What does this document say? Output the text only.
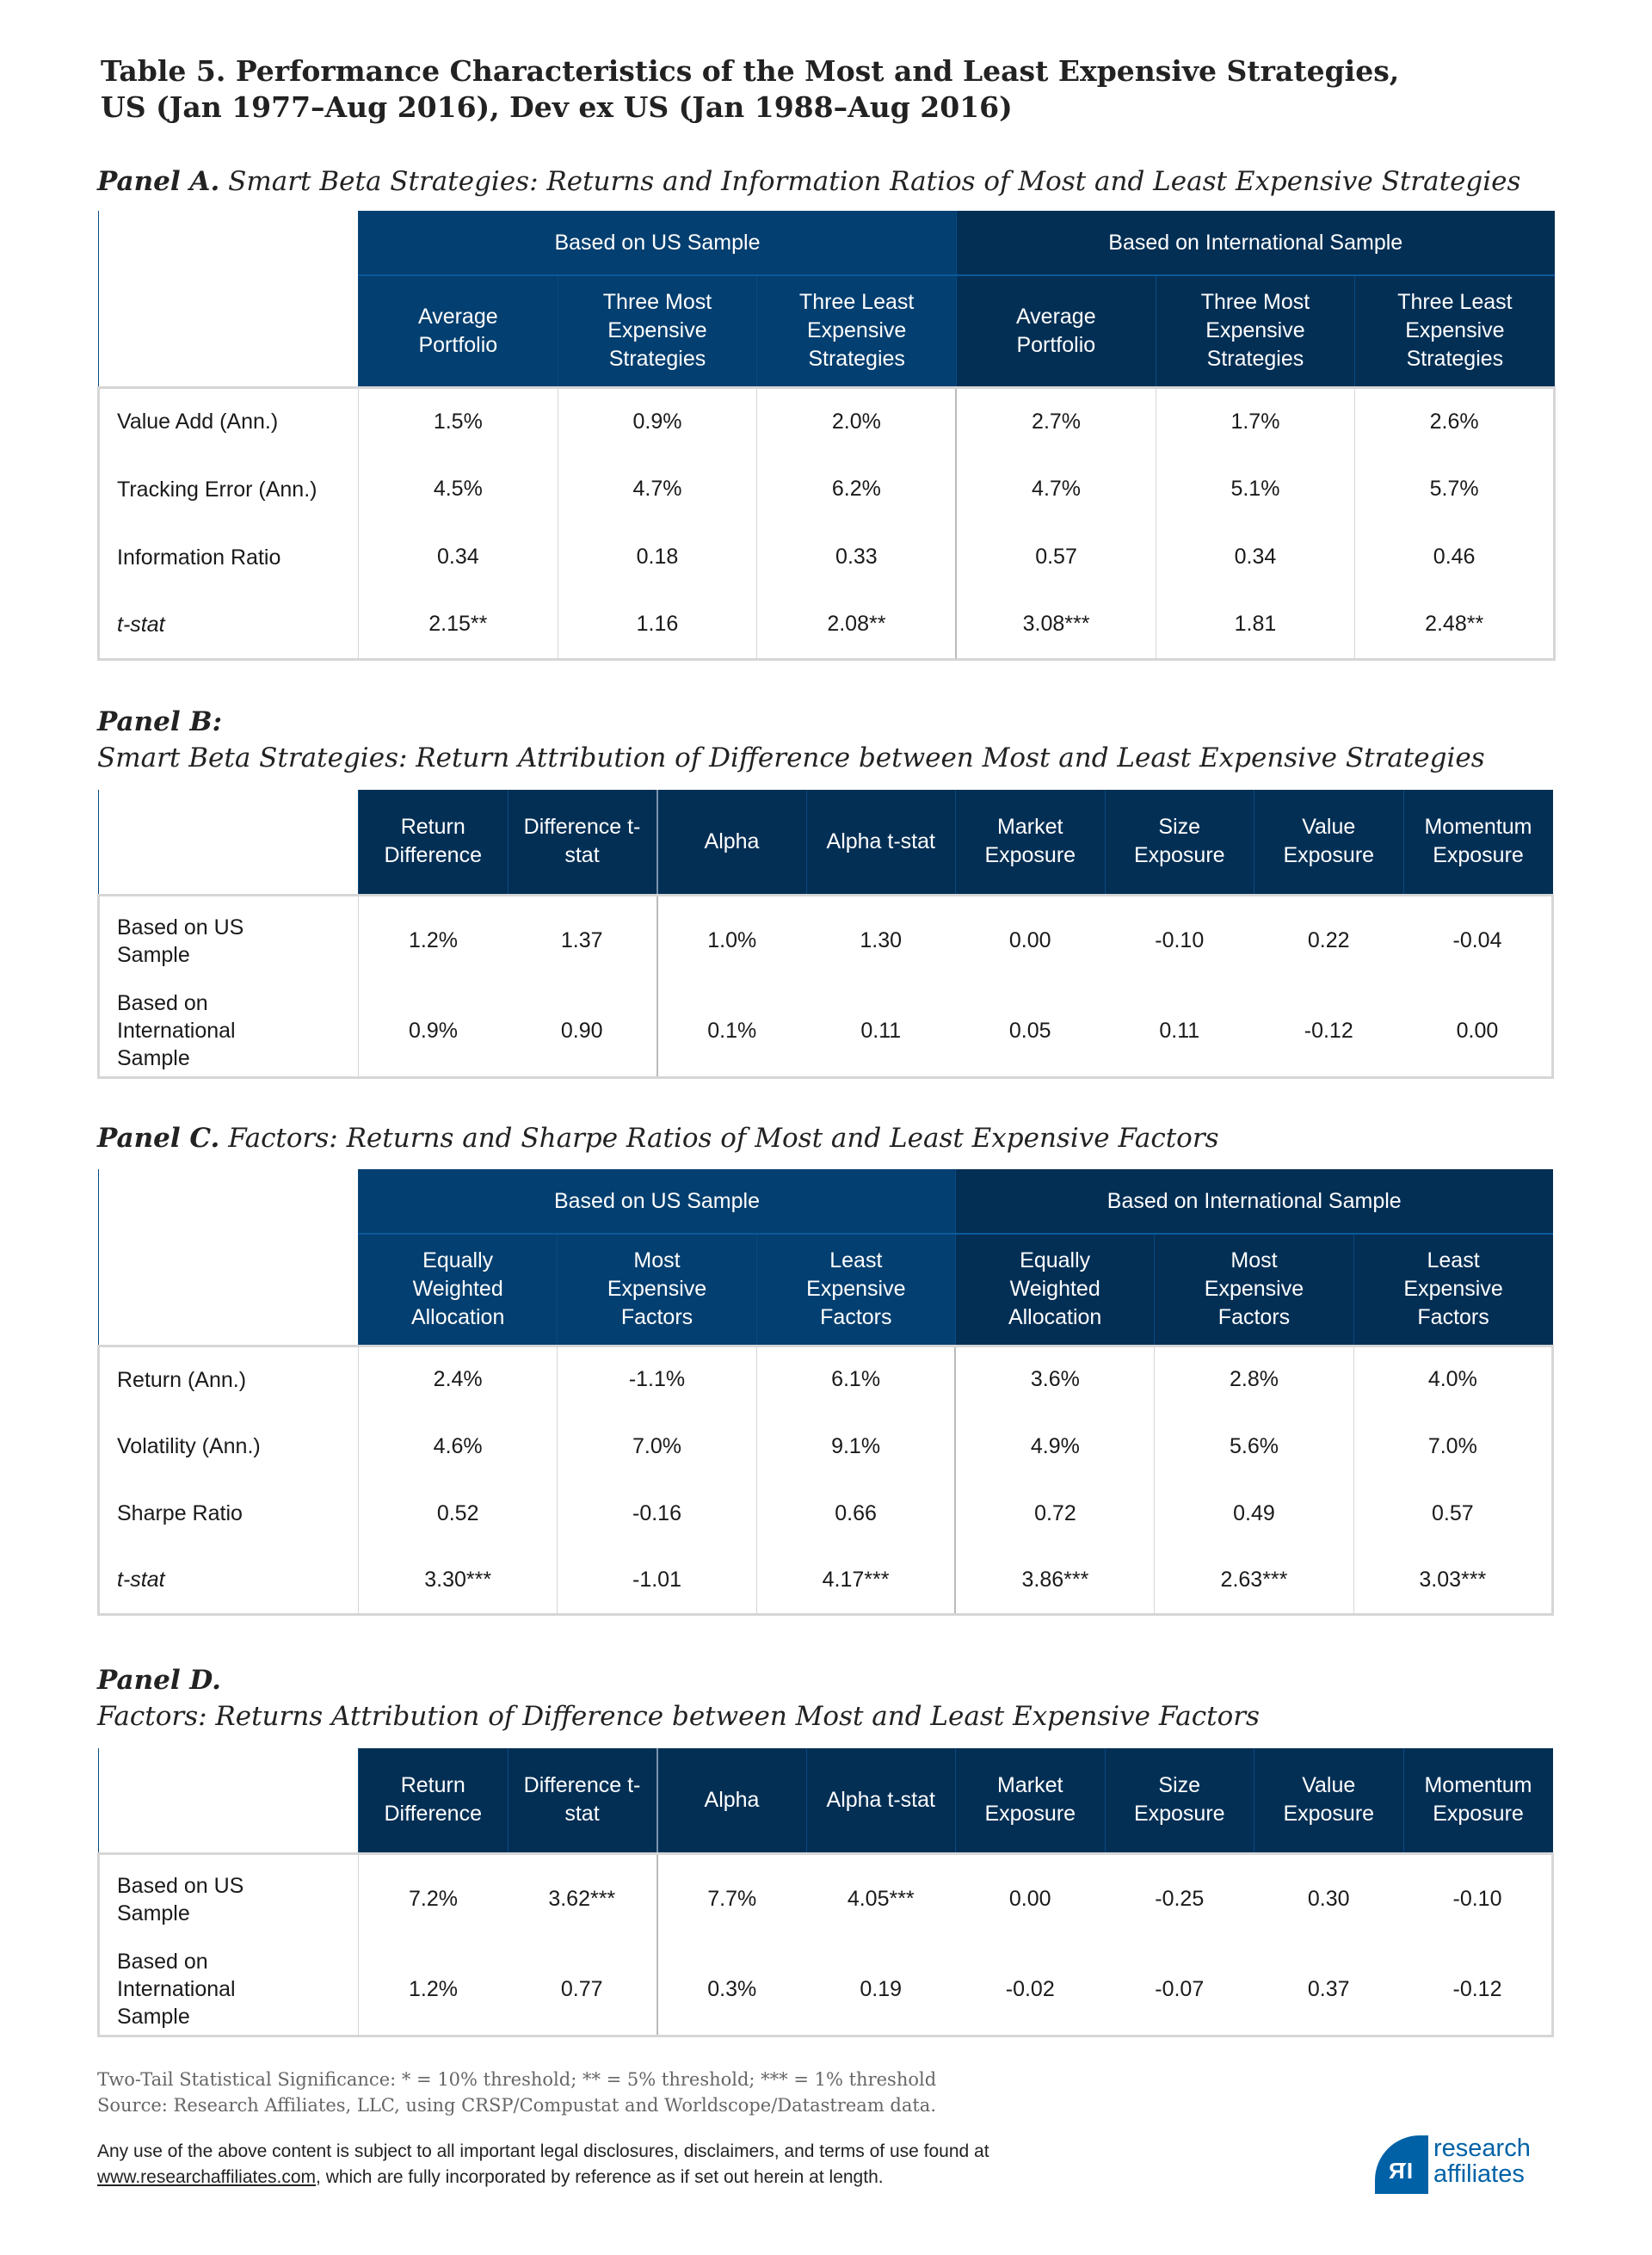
Table 5. Performance Characteristics of the Most and Least Expensive Strategies,
US (Jan 1977–Aug 2016), Dev ex US (Jan 1988–Aug 2016)
Panel A. Smart Beta Strategies: Returns and Information Ratios of Most and Least Expensive Strategies
	Based on US Sample			Based on International Sample		
	Average Portfolio	Three Most Expensive Strategies	Three Least Expensive Strategies	Average Portfolio	Three Most Expensive Strategies	Three Least Expensive Strategies
Value Add (Ann.)	1.5%	0.9%	2.0%	2.7%	1.7%	2.6%
Tracking Error (Ann.)	4.5%	4.7%	6.2%	4.7%	5.1%	5.7%
Information Ratio	0.34	0.18	0.33	0.57	0.34	0.46
t-stat	2.15**	1.16	2.08**	3.08***	1.81	2.48**
Panel B:
Smart Beta Strategies: Return Attribution of Difference between Most and Least Expensive Strategies
	Return Difference	Difference t-stat	Alpha	Alpha t-stat	Market Exposure	Size Exposure	Value Exposure	Momentum Exposure
Based on US Sample	1.2%	1.37	1.0%	1.30	0.00	-0.10	0.22	-0.04
Based on International Sample	0.9%	0.90	0.1%	0.11	0.05	0.11	-0.12	0.00
Panel C. Factors: Returns and Sharpe Ratios of Most and Least Expensive Factors
	Based on US Sample			Based on International Sample		
	Equally Weighted Allocation	Most Expensive Factors	Least Expensive Factors	Equally Weighted Allocation	Most Expensive Factors	Least Expensive Factors
Return (Ann.)	2.4%	-1.1%	6.1%	3.6%	2.8%	4.0%
Volatility (Ann.)	4.6%	7.0%	9.1%	4.9%	5.6%	7.0%
Sharpe Ratio	0.52	-0.16	0.66	0.72	0.49	0.57
t-stat	3.30***	-1.01	4.17***	3.86***	2.63***	3.03***
Panel D.
Factors: Returns Attribution of Difference between Most and Least Expensive Factors
	Return Difference	Difference t-stat	Alpha	Alpha t-stat	Market Exposure	Size Exposure	Value Exposure	Momentum Exposure
Based on US Sample	7.2%	3.62***	7.7%	4.05***	0.00	-0.25	0.30	-0.10
Based on International Sample	1.2%	0.77	0.3%	0.19	-0.02	-0.07	0.37	-0.12
Two-Tail Statistical Significance: * = 10% threshold; ** = 5% threshold; *** = 1% threshold
Source: Research Affiliates, LLC, using CRSP/Compustat and Worldscope/Datastream data.
Any use of the above content is subject to all important legal disclosures, disclaimers, and terms of use found at
www.researchaffiliates.com, which are fully incorporated by reference as if set out herein at length.	ЯΊ
research
affiliates
